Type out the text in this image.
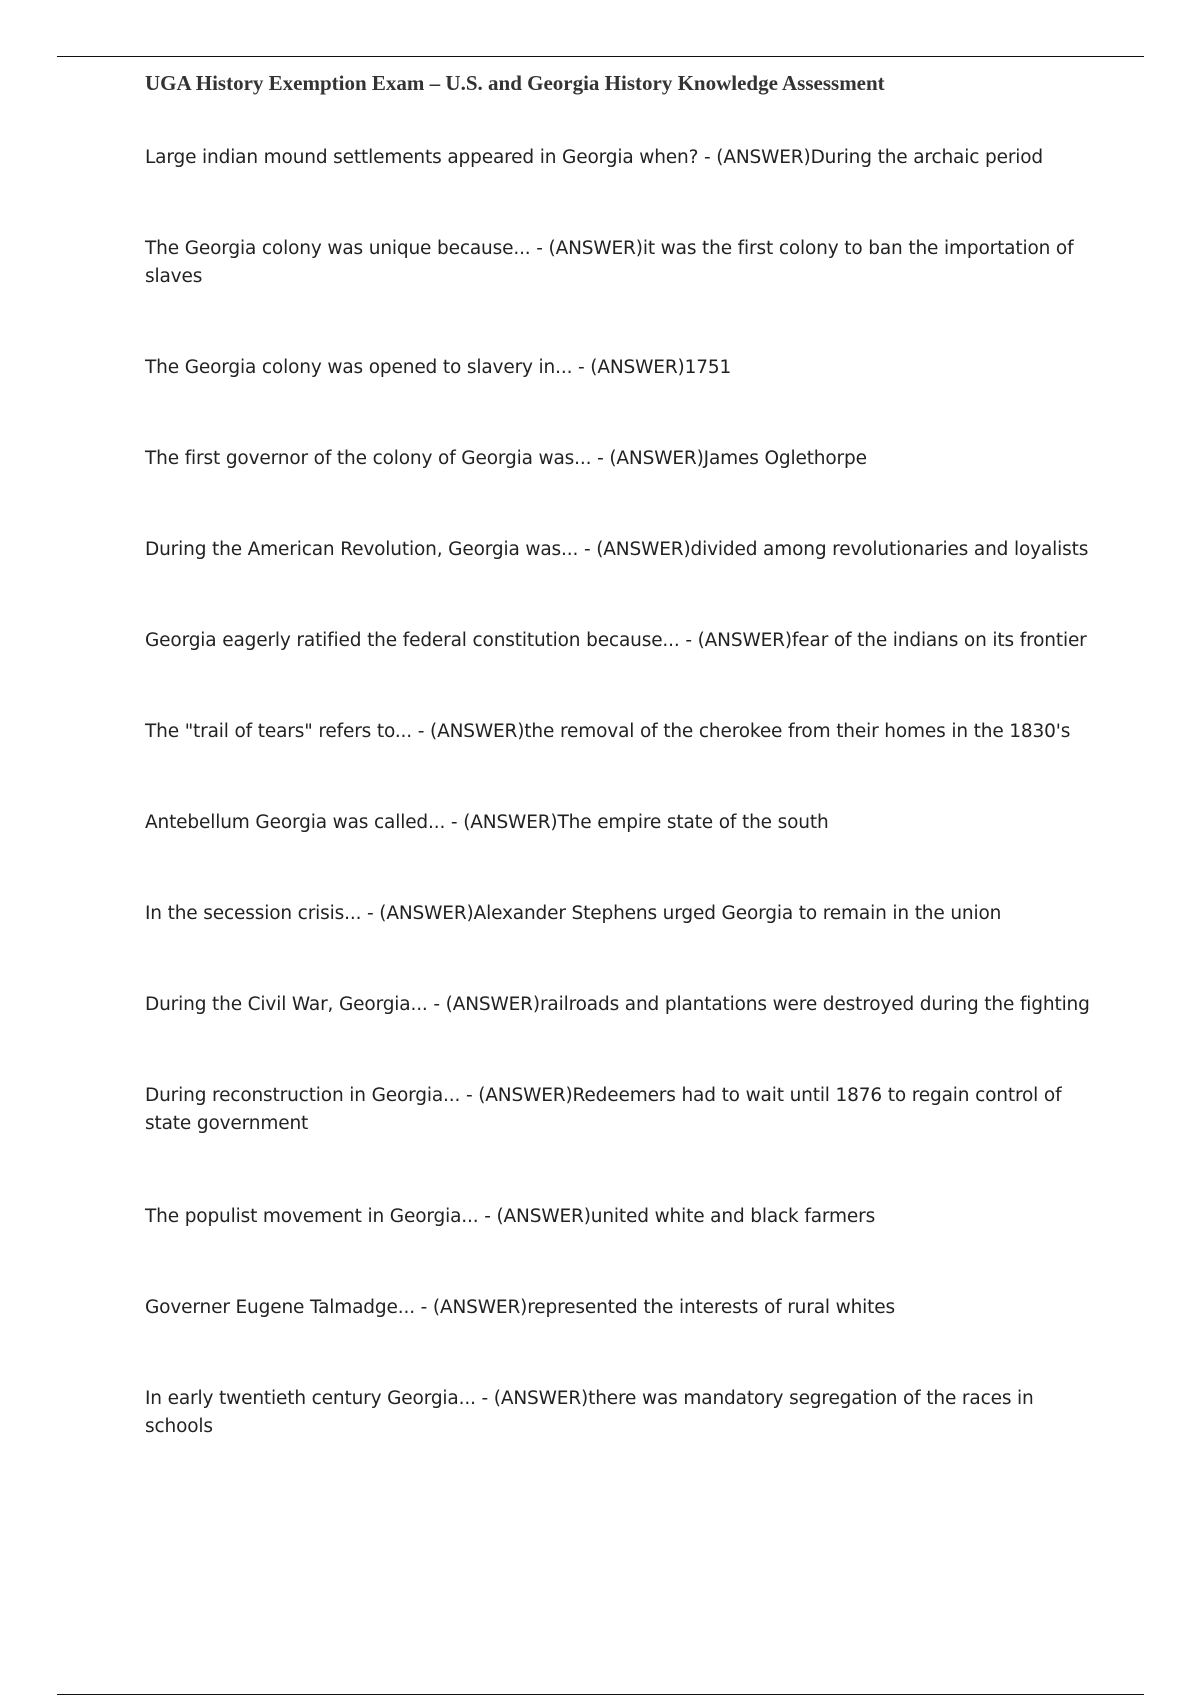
UGA History Exemption Exam – U.S. and Georgia History Knowledge Assessment
Large indian mound settlements appeared in Georgia when? - (ANSWER)During the archaic period
The Georgia colony was unique because... - (ANSWER)it was the first colony to ban the importation of slaves
The Georgia colony was opened to slavery in... - (ANSWER)1751
The first governor of the colony of Georgia was... - (ANSWER)James Oglethorpe
During the American Revolution, Georgia was... - (ANSWER)divided among revolutionaries and loyalists
Georgia eagerly ratified the federal constitution because... - (ANSWER)fear of the indians on its frontier
The "trail of tears" refers to... - (ANSWER)the removal of the cherokee from their homes in the 1830's
Antebellum Georgia was called... - (ANSWER)The empire state of the south
In the secession crisis... - (ANSWER)Alexander Stephens urged Georgia to remain in the union
During the Civil War, Georgia... - (ANSWER)railroads and plantations were destroyed during the fighting
During reconstruction in Georgia... - (ANSWER)Redeemers had to wait until 1876 to regain control of state government
The populist movement in Georgia... - (ANSWER)united white and black farmers
Governer Eugene Talmadge... - (ANSWER)represented the interests of rural whites
In early twentieth century Georgia... - (ANSWER)there was mandatory segregation of the races in schools
